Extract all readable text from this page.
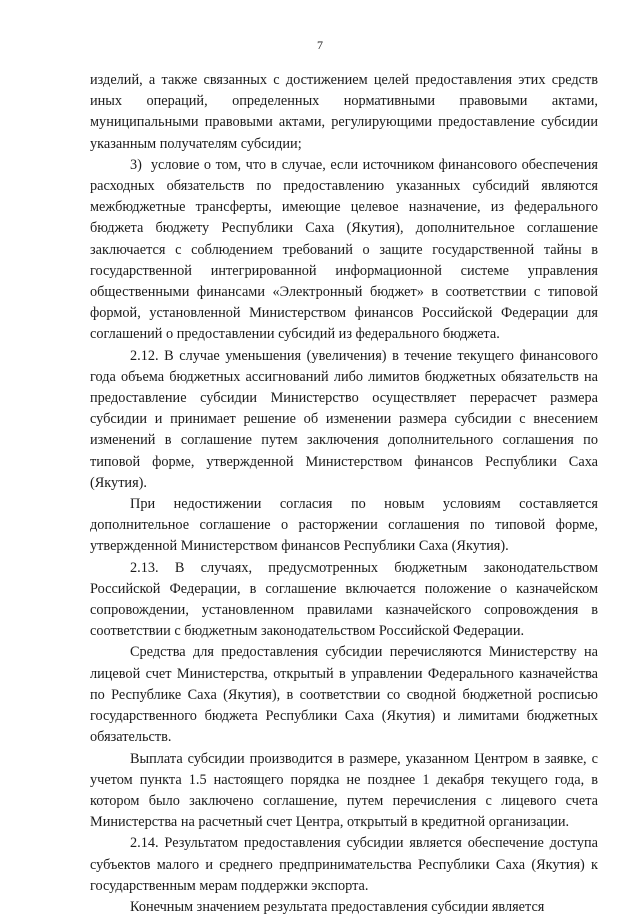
7

изделий, а также связанных с достижением целей предоставления этих средств иных операций, определенных нормативными правовыми актами, муниципальными правовыми актами, регулирующими предоставление субсидии указанным получателям субсидии;

3)  условие о том, что в случае, если источником финансового обеспечения расходных обязательств по предоставлению указанных субсидий являются межбюджетные трансферты, имеющие целевое назначение, из федерального бюджета бюджету Республики Саха (Якутия), дополнительное соглашение заключается с соблюдением требований о защите государственной тайны в государственной интегрированной информационной системе управления общественными финансами «Электронный бюджет» в соответствии с типовой формой, установленной Министерством финансов Российской Федерации для соглашений о предоставлении субсидий из федерального бюджета.

2.12. В случае уменьшения (увеличения) в течение текущего финансового года объема бюджетных ассигнований либо лимитов бюджетных обязательств на предоставление субсидии Министерство осуществляет перерасчет размера субсидии и принимает решение об изменении размера субсидии с внесением изменений в соглашение путем заключения дополнительного соглашения по типовой форме, утвержденной Министерством финансов Республики Саха (Якутия).

При недостижении согласия по новым условиям составляется дополнительное соглашение о расторжении соглашения по типовой форме, утвержденной Министерством финансов Республики Саха (Якутия).

2.13. В случаях, предусмотренных бюджетным законодательством Российской Федерации, в соглашение включается положение о казначейском сопровождении, установленном правилами казначейского сопровождения в соответствии с бюджетным законодательством Российской Федерации.

Средства для предоставления субсидии перечисляются Министерству на лицевой счет Министерства, открытый в управлении Федерального казначейства по Республике Саха (Якутия), в соответствии со сводной бюджетной росписью государственного бюджета Республики Саха (Якутия) и лимитами бюджетных обязательств.

Выплата субсидии производится в размере, указанном Центром в заявке, с учетом пункта 1.5 настоящего порядка не позднее 1 декабря текущего года, в котором было заключено соглашение, путем перечисления с лицевого счета Министерства на расчетный счет Центра, открытый в кредитной организации.

2.14. Результатом предоставления субсидии является обеспечение доступа субъектов малого и среднего предпринимательства Республики Саха (Якутия) к государственным мерам поддержки экспорта.

Конечным значением результата предоставления субсидии является
